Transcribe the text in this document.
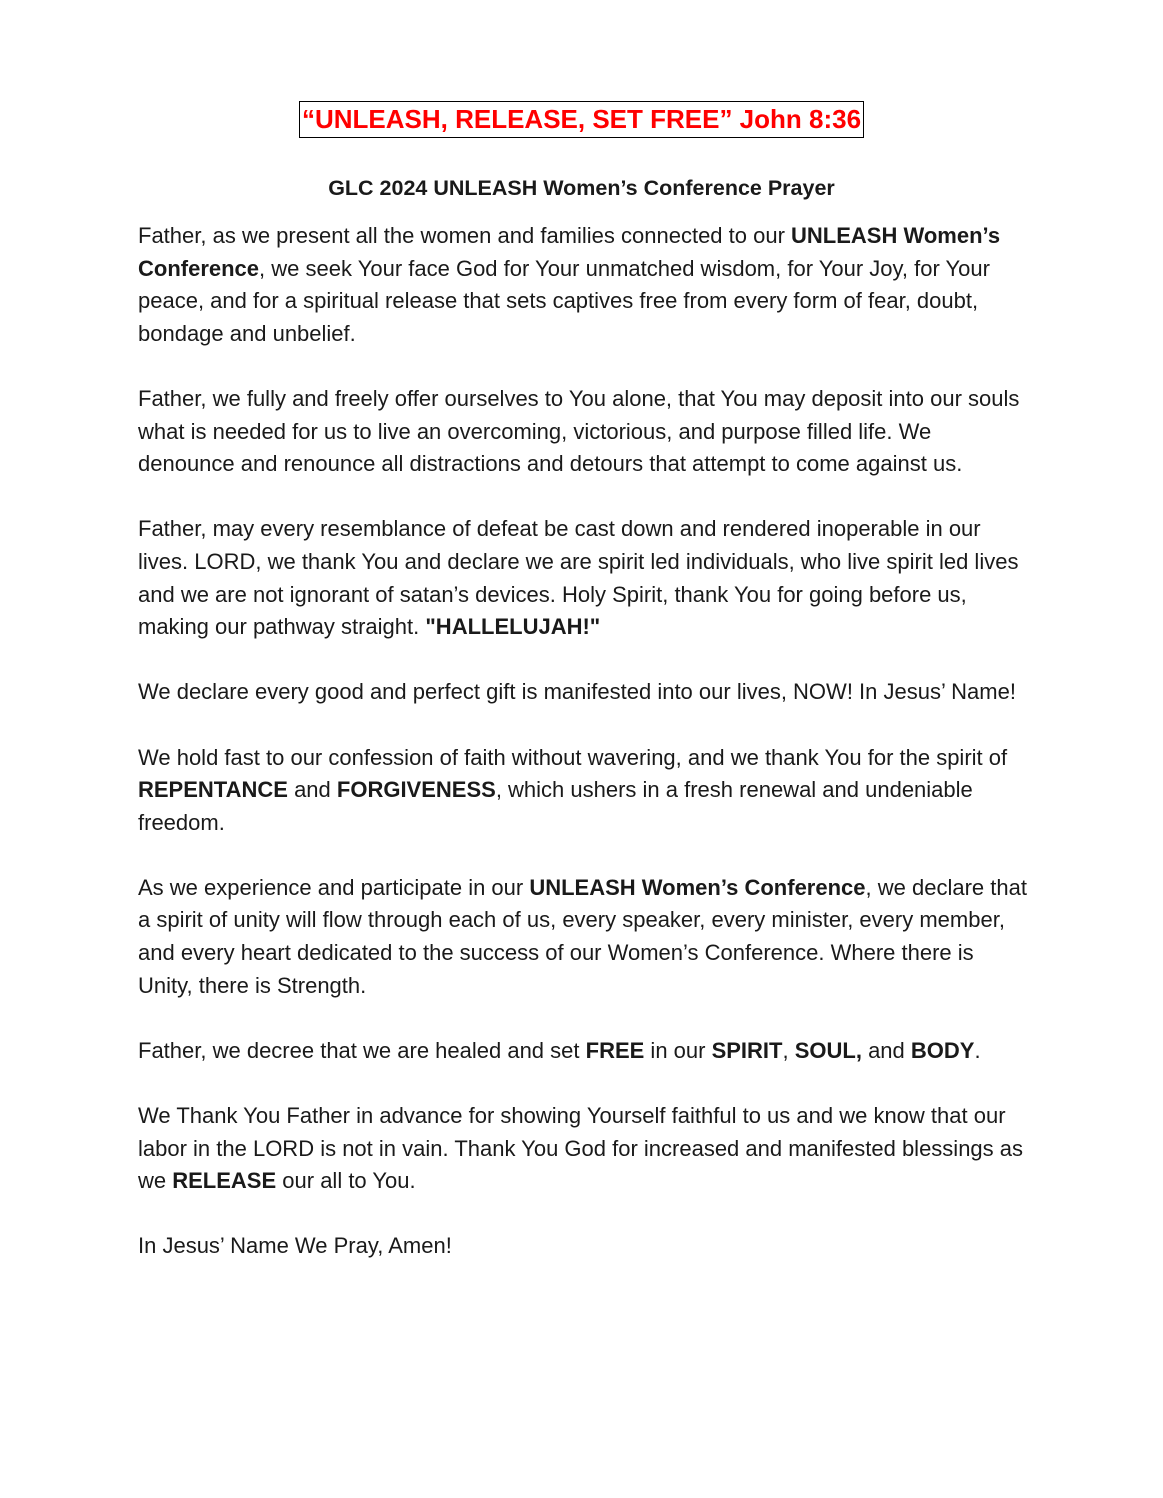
“UNLEASH, RELEASE, SET FREE” John 8:36
GLC 2024 UNLEASH Women’s Conference Prayer

Father, as we present all the women and families connected to our UNLEASH Women’s Conference, we seek Your face God for Your unmatched wisdom, for Your Joy, for Your peace, and for a spiritual release that sets captives free from every form of fear, doubt, bondage and unbelief.

Father, we fully and freely offer ourselves to You alone, that You may deposit into our souls what is needed for us to live an overcoming, victorious, and purpose filled life. We denounce and renounce all distractions and detours that attempt to come against us.

Father, may every resemblance of defeat be cast down and rendered inoperable in our lives. LORD, we thank You and declare we are spirit led individuals, who live spirit led lives and we are not ignorant of satan’s devices. Holy Spirit, thank You for going before us, making our pathway straight. "HALLELUJAH!"

We declare every good and perfect gift is manifested into our lives, NOW! In Jesus’ Name!

We hold fast to our confession of faith without wavering, and we thank You for the spirit of REPENTANCE and FORGIVENESS, which ushers in a fresh renewal and undeniable freedom.

As we experience and participate in our UNLEASH Women’s Conference, we declare that a spirit of unity will flow through each of us, every speaker, every minister, every member, and every heart dedicated to the success of our Women’s Conference. Where there is Unity, there is Strength.

Father, we decree that we are healed and set FREE in our SPIRIT, SOUL, and BODY.

We Thank You Father in advance for showing Yourself faithful to us and we know that our labor in the LORD is not in vain. Thank You God for increased and manifested blessings as we RELEASE our all to You.

In Jesus’ Name We Pray, Amen!
